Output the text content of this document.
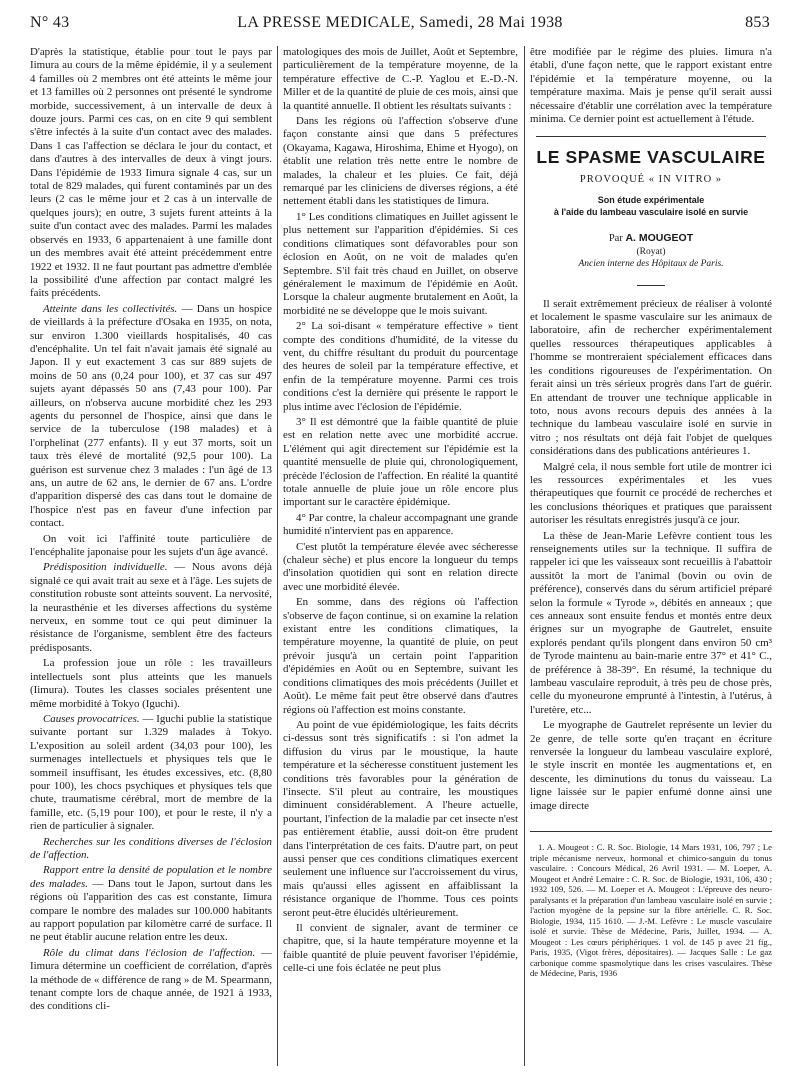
N° 43	LA PRESSE MEDICALE, Samedi, 28 Mai 1938	853

D'après la statistique, établie pour tout le pays par Iimura au cours de la même épidémie, il y a seulement 4 familles où 2 membres ont été atteints le même jour et 13 familles où 2 personnes ont présenté le syndrome morbide, successivement, à un intervalle de deux à douze jours. Parmi ces cas, on en cite 9 qui semblent s'être infectés à la suite d'un contact avec des malades. Dans 1 cas l'affection se déclara le jour du contact, et dans d'autres à des intervalles de deux à vingt jours. Dans l'épidémie de 1933 Iimura signale 4 cas, sur un total de 829 malades, qui furent contaminés par un des leurs (2 cas le même jour et 2 cas à un intervalle de quelques jours); en outre, 3 sujets furent atteints à la suite d'un contact avec des malades. Parmi les malades observés en 1933, 6 appartenaient à une famille dont un des membres avait été atteint précédemment entre 1922 et 1932. Il ne faut pourtant pas admettre d'emblée la possibilité d'une affection par contact malgré les faits précédents.

Atteinte dans les collectivités. — Dans un hospice de vieillards à la préfecture d'Osaka en 1935, on nota, sur environ 1.300 vieillards hospitalisés, 40 cas d'encéphalite. Un tel fait n'avait jamais été signalé au Japon. Il y eut exactement 3 cas sur 889 sujets de moins de 50 ans (0,24 pour 100), et 37 cas sur 497 sujets ayant dépassés 50 ans (7,43 pour 100). Par ailleurs, on n'observa aucune morbidité chez les 293 agents du personnel de l'hospice, ainsi que dans le service de la tuberculose (198 malades) et à l'orphelinat (277 enfants). Il y eut 37 morts, soit un taux très élevé de mortalité (92,5 pour 100). La guérison est survenue chez 3 malades : l'un âgé de 13 ans, un autre de 62 ans, le dernier de 67 ans. L'ordre d'apparition dispersé des cas dans tout le domaine de l'hospice n'est pas en faveur d'une infection par contact.

On voit ici l'affinité toute particulière de l'encéphalite japonaise pour les sujets d'un âge avancé.

Prédisposition individuelle. — Nous avons déjà signalé ce qui avait trait au sexe et à l'âge. Les sujets de constitution robuste sont atteints souvent. La nervosité, la neurasthénie et les diverses affections du système nerveux, en somme tout ce qui peut diminuer la résistance de l'organisme, semblent être des facteurs prédisposants.

La profession joue un rôle : les travailleurs intellectuels sont plus atteints que les manuels (Iimura). Toutes les classes sociales présentent une même morbidité à Tokyo (Iguchi).

Causes provocatrices. — Iguchi publie la statistique suivante portant sur 1.329 malades à Tokyo. L'exposition au soleil ardent (34,03 pour 100), les surmenages intellectuels et physiques tels que le sommeil insuffisant, les études excessives, etc. (8,80 pour 100), les chocs psychiques et physiques tels que chute, traumatisme cérébral, mort de membre de la famille, etc. (5,19 pour 100), et pour le reste, il n'y a rien de particulier à signaler.

Recherches sur les conditions diverses de l'éclosion de l'affection.

Rapport entre la densité de population et le nombre des malades. — Dans tout le Japon, surtout dans les régions où l'apparition des cas est constante, Iimura compare le nombre des malades sur 100.000 habitants au rapport population par kilomètre carré de surface. Il ne peut établir aucune relation entre les deux.

Rôle du climat dans l'éclosion de l'affection. — Iimura détermine un coefficient de corrélation, d'après la méthode de « différence de rang » de M. Spearmann, tenant compte lors de chaque année, de 1921 à 1933, des conditions cli-

matologiques des mois de Juillet, Août et Septembre, particulièrement de la température moyenne, de la température effective de C.-P. Yaglou et E.-D.-N. Miller et de la quantité de pluie de ces mois, ainsi que la quantité annuelle. Il obtient les résultats suivants :

Dans les régions où l'affection s'observe d'une façon constante ainsi que dans 5 préfectures (Okayama, Kagawa, Hiroshima, Ehime et Hyogo), on établit une relation très nette entre le nombre de malades, la chaleur et les pluies. Ce fait, déjà remarqué par les cliniciens de diverses régions, a été nettement établi dans les statistiques de Iimura.

1° Les conditions climatiques en Juillet agissent le plus nettement sur l'apparition d'épidémies. Si ces conditions climatiques sont défavorables pour son éclosion en Août, on ne voit de malades qu'en Septembre. S'il fait très chaud en Juillet, on observe généralement le maximum de l'épidémie en Août. Lorsque la chaleur augmente brutalement en Août, la morbidité ne se développe que le mois suivant.

2° La soi-disant « température effective » tient compte des conditions d'humidité, de la vitesse du vent, du chiffre résultant du produit du pourcentage des heures de soleil par la température effective, et enfin de la température moyenne. Parmi ces trois conditions c'est la dernière qui présente le rapport le plus intime avec l'éclosion de l'épidémie.

3° Il est démontré que la faible quantité de pluie est en relation nette avec une morbidité accrue. L'élément qui agit directement sur l'épidémie est la quantité mensuelle de pluie qui, chronologiquement, précède l'éclosion de l'affection. En réalité la quantité totale annuelle de pluie joue un rôle encore plus important sur le caractère épidémique.

4° Par contre, la chaleur accompagnant une grande humidité n'intervient pas en apparence.

C'est plutôt la température élevée avec sécheresse (chaleur sèche) et plus encore la longueur du temps d'insolation quotidien qui sont en relation directe avec une morbidité élevée.

En somme, dans des régions où l'affection s'observe de façon continue, si on examine la relation existant entre les conditions climatiques, la température moyenne, la quantité de pluie, on peut prévoir jusqu'à un certain point l'apparition d'épidémies en Août ou en Septembre, suivant les conditions climatiques des mois précédents (Juillet et Août). Le même fait peut être observé dans d'autres régions où l'affection est moins constante.

Au point de vue épidémiologique, les faits décrits ci-dessus sont très significatifs : si l'on admet la diffusion du virus par le moustique, la haute température et la sécheresse constituent justement les conditions très favorables pour la génération de l'insecte. S'il pleut au contraire, les moustiques diminuent considérablement. A l'heure actuelle, pourtant, l'infection de la maladie par cet insecte n'est pas entièrement établie, aussi doit-on être prudent dans l'interprétation de ces faits. D'autre part, on peut aussi penser que ces conditions climatiques exercent seulement une influence sur l'accroissement du virus, mais qu'aussi elles agissent en affaiblissant la résistance organique de l'homme. Tous ces points seront peut-être élucidés ultérieurement.

Il convient de signaler, avant de terminer ce chapitre, que, si la haute température moyenne et la faible quantité de pluie peuvent favoriser l'épidémie, celle-ci une fois éclatée ne peut plus

être modifiée par le régime des pluies. Iimura n'a établi, d'une façon nette, que le rapport existant entre l'épidémie et la température moyenne, ou la température maxima. Mais je pense qu'il serait aussi nécessaire d'établir une corrélation avec la température minima. Ce dernier point est actuellement à l'étude.

LE SPASME VASCULAIRE
PROVOQUÉ « IN VITRO »
Son étude expérimentale
à l'aide du lambeau vasculaire isolé en survie
Par A. MOUGEOT
(Royat)
Ancien interne des Hôpitaux de Paris.

Il serait extrêmement précieux de réaliser à volonté et localement le spasme vasculaire sur les animaux de laboratoire, afin de rechercher expérimentalement quelles ressources thérapeutiques applicables à l'homme se montreraient spécialement efficaces dans les conditions rigoureuses de l'expérimentation. On ferait ainsi un très sérieux progrès dans l'art de guérir. En attendant de trouver une technique applicable in toto, nous avons recours depuis des années à la technique du lambeau vasculaire isolé en survie in vitro ; nos résultats ont déjà fait l'objet de quelques considérations dans des publications antérieures 1.

Malgré cela, il nous semble fort utile de montrer ici les ressources expérimentales et les vues thérapeutiques que fournit ce procédé de recherches et les conclusions théoriques et pratiques que paraissent autoriser les résultats enregistrés jusqu'à ce jour.

La thèse de Jean-Marie Lefèvre contient tous les renseignements utiles sur la technique. Il suffira de rappeler ici que les vaisseaux sont recueillis à l'abattoir aussitôt la mort de l'animal (bovin ou ovin de préférence), conservés dans du sérum artificiel préparé selon la formule « Tyrode », débités en anneaux ; que ces anneaux sont ensuite fendus et montés entre deux érignes sur un myographe de Gautrelet, ensuite explorés pendant qu'ils plongent dans environ 50 cm³ de Tyrode maintenu au bain-marie entre 37° et 41° C., de préférence à 38-39°. En résumé, la technique du lambeau vasculaire reproduit, à très peu de chose près, celle du myoneurone emprunté à l'intestin, à l'utérus, à l'uretère, etc...

Le myographe de Gautrelet représente un levier du 2e genre, de telle sorte qu'en traçant en écriture renversée la longueur du lambeau vasculaire exploré, le style inscrit en montée les augmentations et, en descente, les diminutions du tonus du vaisseau. La ligne laissée sur le papier enfumé donne ainsi une image directe

1. A. Mougeot : C. R. Soc. Biologie, 14 Mars 1931, 106, 797 ; Le triple mécanisme nerveux, hormonal et chimico-sanguin du tonus vasculaire. : Concours Médical, 26 Avril 1931. — M. Loeper, A. Mougeot et André Lemaire : C. R. Soc. de Biologie, 1931, 106, 430 ; 1932 109, 526. — M. Loeper et A. Mougeot : L'épreuve des neuro-paralysants et la préparation d'un lambeau vasculaire isolé en survie ; l'action myogène de la pepsine sur la fibre artérielle. C. R. Soc. Biologie, 1934, 115 1610. — J.-M. Lefèvre : Le muscle vasculaire isolé et survie. Thèse de Médecine, Paris, Juillet, 1934. — A. Mougeot : Les cœurs périphériques. 1 vol. de 145 p avec 21 fig., Paris, 1935, (Vigot frères, dépositaires). — Jacques Salle : Le gaz carbonique comme spasmolytique dans les crises vasculaires. Thèse de Médecine, Paris, 1936
